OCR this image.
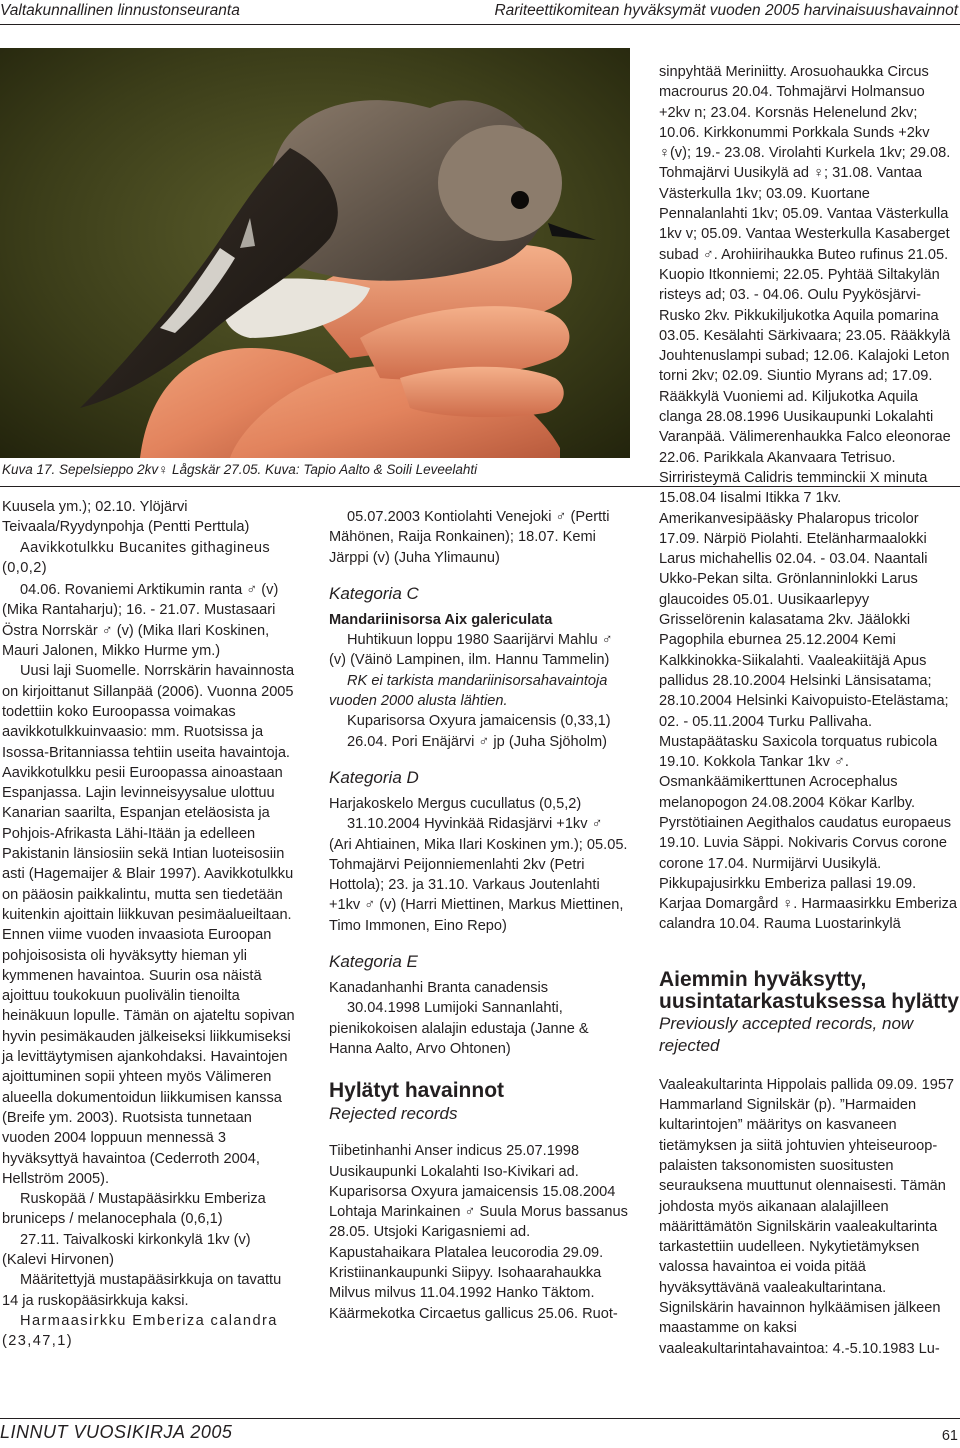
Valtakunnallinen linnustonseuranta	Rariteettikomitean hyväksymät vuoden 2005 harvinaisuushavainnot
Kuva 17. Sepelsieppo 2kv♀ Lågskär 27.05. Kuva: Tapio Aalto & Soili Leveelahti

Kuusela ym.); 02.10. Ylöjärvi Teivaala/Ryydynpohja (Pentti Perttula)

Aavikkotulkku Bucanites githagineus (0,0,2)

04.06. Rovaniemi Arktikumin ranta ♂ (v) (Mika Rantaharju); 16. - 21.07. Mustasaari Östra Norrskär ♂ (v) (Mika Ilari Koskinen, Mauri Jalonen, Mikko Hurme ym.)

Uusi laji Suomelle. Norrskärin havainnosta on kirjoittanut Sillanpää (2006). Vuonna 2005 todettiin koko Euroopassa voimakas aavikkotulkkuinvaasio: mm. Ruotsissa ja Isossa-Britanniassa tehtiin useita havaintoja. Aavikkotulkku pesii Euroopassa ainoastaan Espanjassa. Lajin levinneisyysalue ulottuu Kanarian saarilta, Espanjan eteläosista ja Pohjois-Afrikasta Lähi-Itään ja edelleen Pakistanin länsiosiin sekä Intian luoteisosiin asti (Hagemaijer & Blair 1997). Aavikkotulkku on pääosin paikkalintu, mutta sen tiedetään kuitenkin ajoittain liikkuvan pesimäalueiltaan. Ennen viime vuoden invaasiota Euroopan pohjoisosista oli hyväksytty hieman yli kymmenen havaintoa. Suurin osa näistä ajoittuu toukokuun puolivälin tienoilta heinäkuun lopulle. Tämän on ajateltu sopivan hyvin pesimäkauden jälkeiseksi liikkumiseksi ja levittäytymisen ajankohdaksi. Havaintojen ajoittuminen sopii yhteen myös Välimeren alueella dokumentoidun liikkumisen kanssa (Breife ym. 2003). Ruotsista tunnetaan vuoden 2004 loppuun mennessä 3 hyväksyttyä havaintoa (Cederroth 2004, Hellström 2005).

Ruskopää / Mustapääsirkku Emberiza bruniceps / melanocephala (0,6,1)

27.11. Taivalkoski kirkonkylä 1kv (v) (Kalevi Hirvonen)

Määritettyjä mustapääsirkkuja on tavattu 14 ja ruskopääsirkkuja kaksi.

Harmaasirkku Emberiza calandra (23,47,1)

05.07.2003 Kontiolahti Venejoki ♂ (Pertti Mähönen, Raija Ronkainen); 18.07. Kemi Järppi (v) (Juha Ylimaunu)

Kategoria C

Mandariinisorsa Aix galericulata

Huhtikuun loppu 1980 Saarijärvi Mahlu ♂ (v) (Väinö Lampinen, ilm. Hannu Tammelin)

RK ei tarkista mandariinisorsahavaintoja vuoden 2000 alusta lähtien.

Kuparisorsa Oxyura jamaicensis (0,33,1)

26.04. Pori Enäjärvi ♂ jp (Juha Sjöholm)

Kategoria D

Harjakoskelo Mergus cucullatus (0,5,2)

31.10.2004 Hyvinkää Ridasjärvi +1kv ♂ (Ari Ahtiainen, Mika Ilari Koskinen ym.); 05.05. Tohmajärvi Peijonniemenlahti 2kv (Petri Hottola); 23. ja 31.10. Varkaus Joutenlahti +1kv ♂ (v) (Harri Miettinen, Markus Miettinen, Timo Immonen, Eino Repo)

Kategoria E

Kanadanhanhi Branta canadensis

30.04.1998 Lumijoki Sannanlahti, pienikokoisen alalajin edustaja (Janne & Hanna Aalto, Arvo Ohtonen)

Hylätyt havainnot

Rejected records

Tiibetinhanhi Anser indicus 25.07.1998 Uusikaupunki Lokalahti Iso-Kivikari ad. Kuparisorsa Oxyura jamaicensis 15.08.2004 Lohtaja Marinkainen ♂ Suula Morus bassanus 28.05. Utsjoki Karigasniemi ad. Kapustahaikara Platalea leucorodia 29.09. Kristiinankaupunki Siipyy. Isohaarahaukka Milvus milvus 11.04.1992 Hanko Täktom. Käärmekotka Circaetus gallicus 25.06. Ruot-

sinpyhtää Meriniitty. Arosuohaukka Circus macrourus 20.04. Tohmajärvi Holmansuo +2kv n; 23.04. Korsnäs Helenelund 2kv; 10.06. Kirkkonummi Porkkala Sunds +2kv ♀(v); 19.- 23.08. Virolahti Kurkela 1kv; 29.08. Tohmajärvi Uusikylä ad ♀; 31.08. Vantaa Västerkulla 1kv; 03.09. Kuortane Pennalanlahti 1kv; 05.09. Vantaa Västerkulla 1kv v; 05.09. Vantaa Westerkulla Kasaberget subad ♂. Arohiirihaukka Buteo rufinus 21.05. Kuopio Itkonniemi; 22.05. Pyhtää Siltakylän risteys ad; 03. - 04.06. Oulu Pyykösjärvi-Rusko 2kv. Pikkukiljukotka Aquila pomarina 03.05. Kesälahti Särkivaara; 23.05. Rääkkylä Jouhtenuslampi subad; 12.06. Kalajoki Leton torni 2kv; 02.09. Siuntio Myrans ad; 17.09. Rääkkylä Vuoniemi ad. Kiljukotka Aquila clanga 28.08.1996 Uusikaupunki Lokalahti Varanpää. Välimerenhaukka Falco eleonorae 22.06. Parikkala Akanvaara Tetrisuo. Sirriristeymä Calidris temminckii X minuta 15.08.04 Iisalmi Itikka 7 1kv. Amerikanvesipääsky Phalaropus tricolor 17.09. Närpiö Piolahti. Etelänharmaalokki Larus michahellis 02.04. - 03.04. Naantali Ukko-Pekan silta. Grönlanninlokki Larus glaucoides 05.01. Uusikaarlepyy Grisselörenin kalasatama 2kv. Jäälokki Pagophila eburnea 25.12.2004 Kemi Kalkkinokka-Siikalahti. Vaaleakiitäjä Apus pallidus 28.10.2004 Helsinki Länsisatama; 28.10.2004 Helsinki Kaivopuisto-Etelästama; 02. - 05.11.2004 Turku Pallivaha. Mustapäätasku Saxicola torquatus rubicola 19.10. Kokkola Tankar 1kv ♂. Osmankäämikerttunen Acrocephalus melanopogon 24.08.2004 Kökar Karlby. Pyrstötiainen Aegithalos caudatus europaeus 19.10. Luvia Säppi. Nokivaris Corvus corone corone 17.04. Nurmijärvi Uusikylä. Pikkupajusirkku Emberiza pallasi 19.09. Karjaa Domargård ♀. Harmaasirkku Emberiza calandra 10.04. Rauma Luostarinkylä

Aiemmin hyväksytty, uusintatarkastuksessa hylätty

Previously accepted records, now rejected

Vaaleakultarinta Hippolais pallida 09.09. 1957 Hammarland Signilskär (p). ”Harmaiden kultarintojen” määritys on kasvaneen tietämyksen ja siitä johtuvien yhteiseuroop-palaisten taksonomisten suositusten seurauksena muuttunut olennaisesti. Tämän johdosta myös aikanaan alalajilleen määrittämätön Signilskärin vaaleakultarinta tarkastettiin uudelleen. Nykytietämyksen valossa havaintoa ei voida pitää hyväksyttävänä vaaleakultarintana. Signilskärin havainnon hylkäämisen jälkeen maastamme on kaksi vaaleakultarintahavaintoa: 4.-5.10.1983 Lu-

LINNUT VUOSIKIRJA 2005	61
